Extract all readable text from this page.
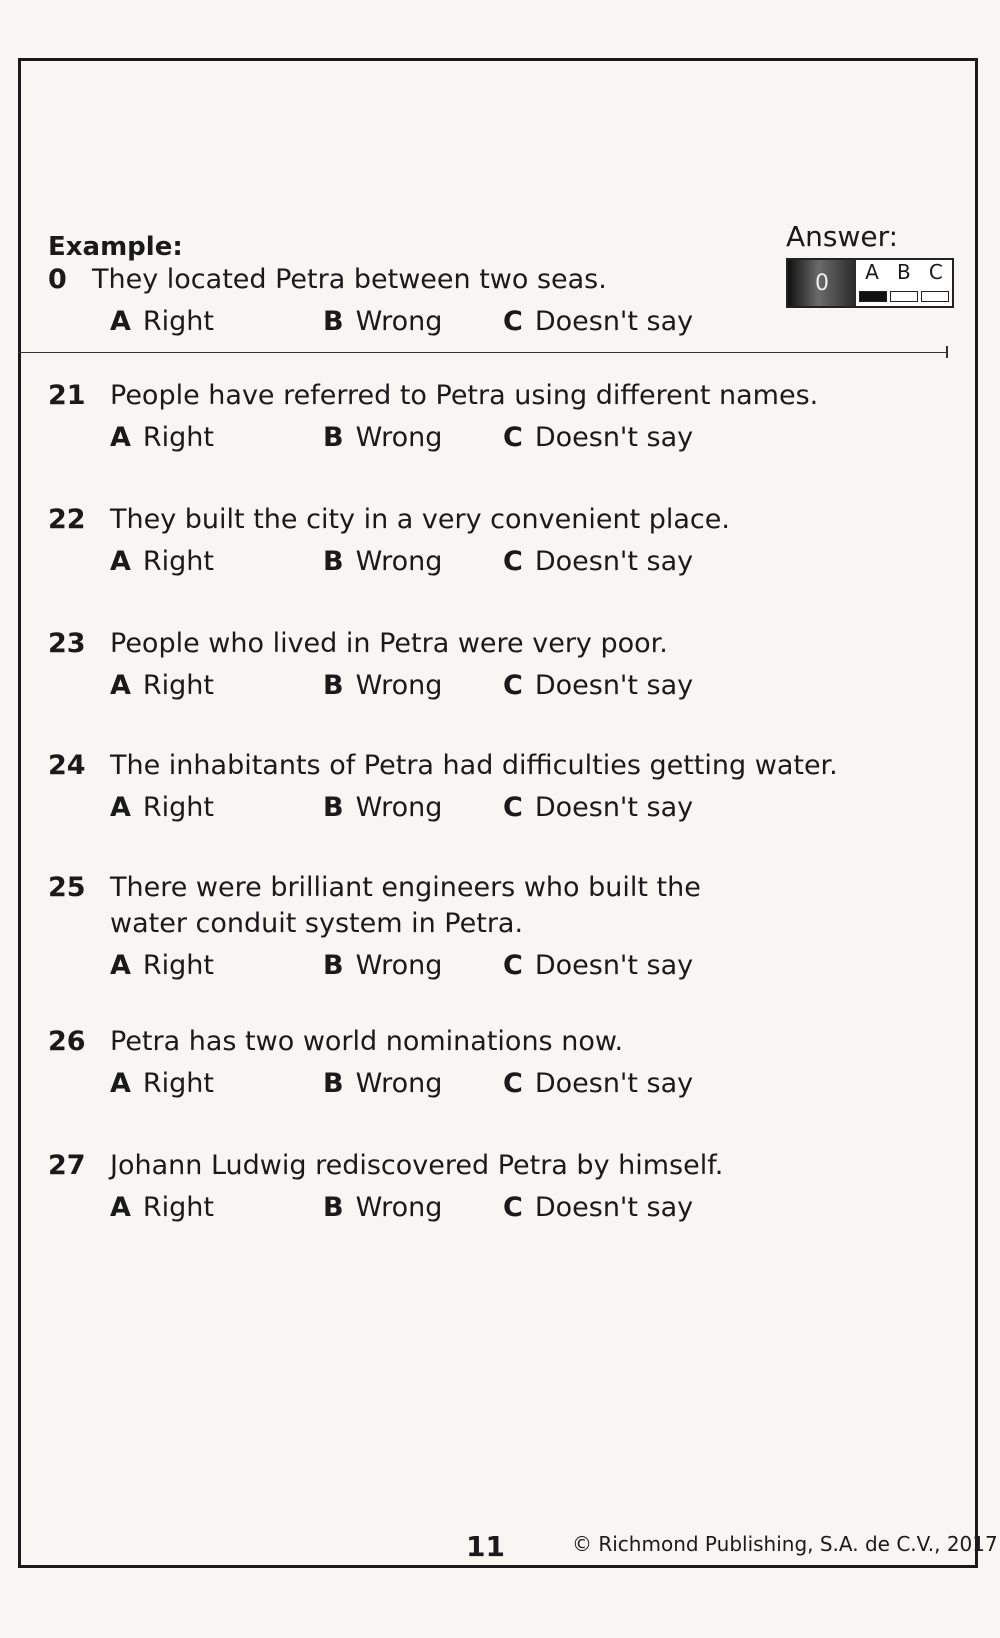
Example:	Answer:
0	A B C
0 They located Petra between two seas.
A Right	B Wrong C Doesn't say
21 People have referred to Petra using different names.
A Right	B Wrong C Doesn't say
22 They built the city in a very convenient place.
A Right	B Wrong C Doesn't say
23 People who lived in Petra were very poor.
A Right	B Wrong C Doesn't say
24 The inhabitants of Petra had difficulties getting water.
A Right	B Wrong C Doesn't say
25 There were brilliant engineers who built the water conduit system in Petra.
A Right	B Wrong C Doesn't say
26 Petra has two world nominations now.
A Right	B Wrong C Doesn't say
27 Johann Ludwig rediscovered Petra by himself.
A Right	B Wrong C Doesn't say
11	© Richmond Publishing, S.A. de C.V., 2017
